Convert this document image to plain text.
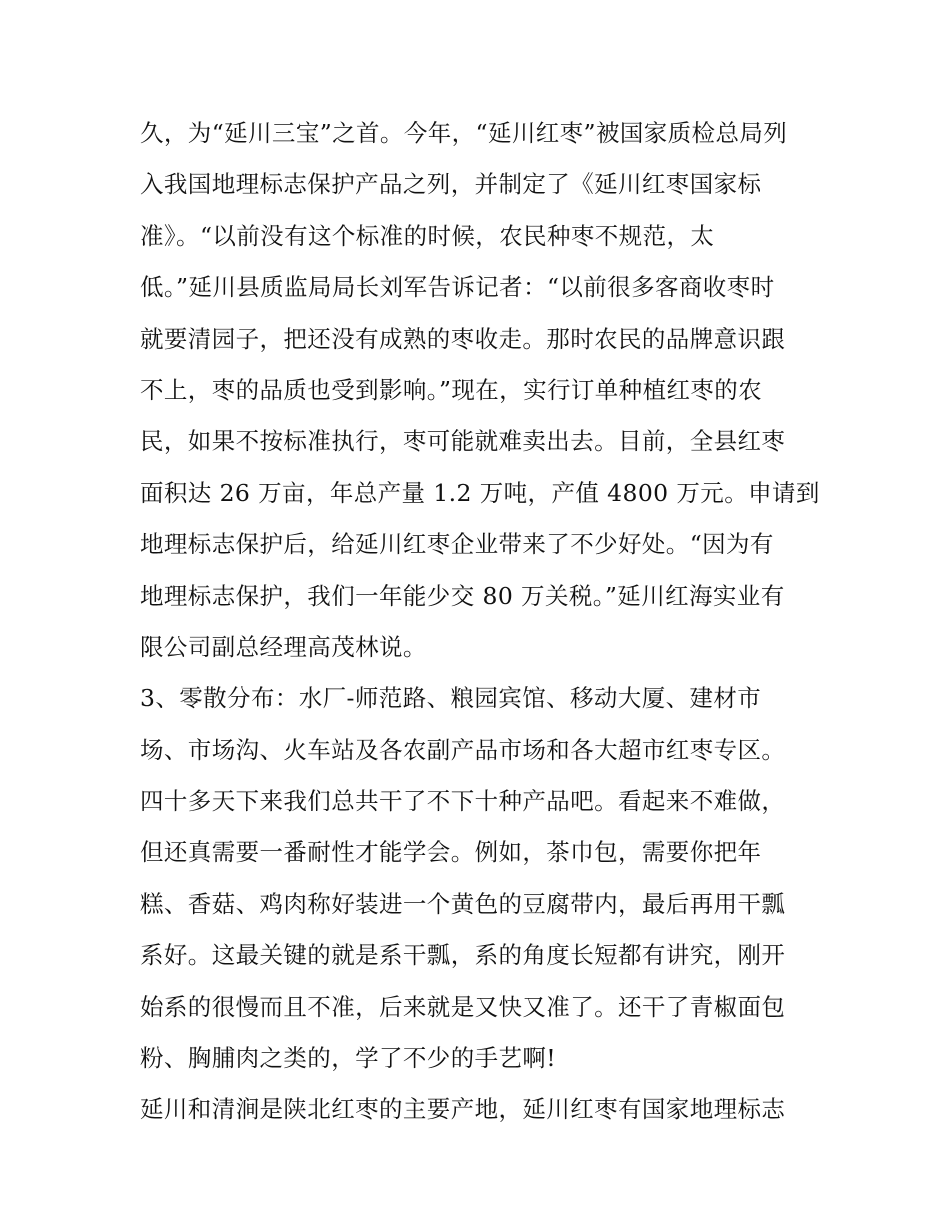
久，为“延川三宝”之首。今年，“延川红枣”被国家质检总局列
入我国地理标志保护产品之列，并制定了《延川红枣国家标
准》。“以前没有这个标准的时候，农民种枣不规范，太
低。”延川县质监局局长刘军告诉记者：“以前很多客商收枣时
就要清园子，把还没有成熟的枣收走。那时农民的品牌意识跟
不上，枣的品质也受到影响。”现在，实行订单种植红枣的农
民，如果不按标准执行，枣可能就难卖出去。目前，全县红枣
面积达 26 万亩，年总产量 1.2 万吨，产值 4800 万元。申请到
地理标志保护后，给延川红枣企业带来了不少好处。“因为有
地理标志保护，我们一年能少交 80 万关税。”延川红海实业有
限公司副总经理高茂林说。
3、零散分布：水厂-师范路、粮园宾馆、移动大厦、建材市
场、市场沟、火车站及各农副产品市场和各大超市红枣专区。
四十多天下来我们总共干了不下十种产品吧。看起来不难做，
但还真需要一番耐性才能学会。例如，茶巾包，需要你把年
糕、香菇、鸡肉称好装进一个黄色的豆腐带内，最后再用干瓢
系好。这最关键的就是系干瓢，系的角度长短都有讲究，刚开
始系的很慢而且不准，后来就是又快又准了。还干了青椒面包
粉、胸脯肉之类的，学了不少的手艺啊!
延川和清涧是陕北红枣的主要产地，延川红枣有国家地理标志
